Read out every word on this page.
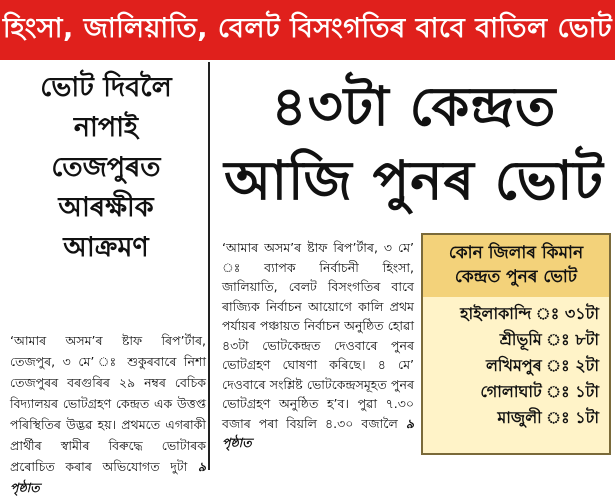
হিংসা, জালিয়াতি, বেলট বিসংগতিৰ বাবে বাতিল ভোট
ভোট দিবলৈ
নাপাই
তেজপুৰত
আৰক্ষীক
আক্ৰমণ
‘আমাৰ অসম’ৰ ষ্টাফ ৰিপ’ৰ্টাৰ, তেজপুৰ, ৩ মে’ ঃ শুকুৰবাৰে নিশা তেজপুৰৰ বৰগুৰিৰ ২৯ নম্বৰ বেচিক বিদ্যালয়ৰ ভোটগ্ৰহণ কেন্দ্ৰত এক উত্তপ্ত পৰিস্থিতিৰ উদ্ভৱ হয়। প্ৰথমতে এগৰাকী প্ৰাৰ্থীৰ স্বামীৰ বিৰুদ্ধে ভোটাৰক প্ৰৰোচিত কৰাৰ অভিযোগত দুটা ৯ পৃষ্ঠাত
৪৩টা কেন্দ্ৰত
আজি পুনৰ ভোট
‘আমাৰ অসম’ৰ ষ্টাফ ৰিপ’ৰ্টাৰ, ৩ মে’ ঃ ব্যাপক নিৰ্বাচনী হিংসা, জালিয়াতি, বেলট বিসংগতিৰ বাবে ৰাজ্যিক নিৰ্বাচন আয়োগে কালি প্ৰথম পৰ্যায়ৰ পঞ্চায়ত নিৰ্বাচন অনুষ্ঠিত হোৱা ৪৩টা ভোটকেন্দ্ৰত দেওবাৰে পুনৰ ভোটগ্ৰহণ ঘোষণা কৰিছে। ৪ মে’ দেওবাৰে সংশ্লিষ্ট ভোটকেন্দ্ৰসমূহত পুনৰ ভোটগ্ৰহণ অনুষ্ঠিত হ’ব। পুৱা ৭.৩০ বজাৰ পৰা বিয়লি ৪.৩০ বজালৈ ৯ পৃষ্ঠাত
কোন জিলাৰ কিমান
কেন্দ্ৰত পুনৰ ভোট
হাইলাকান্দি ঃ ৩১টা
শ্ৰীভূমি ঃ ৮টা
লখিমপুৰ ঃ ২টা
গোলাঘাট ঃ ১টা
মাজুলী ঃ ১টা
